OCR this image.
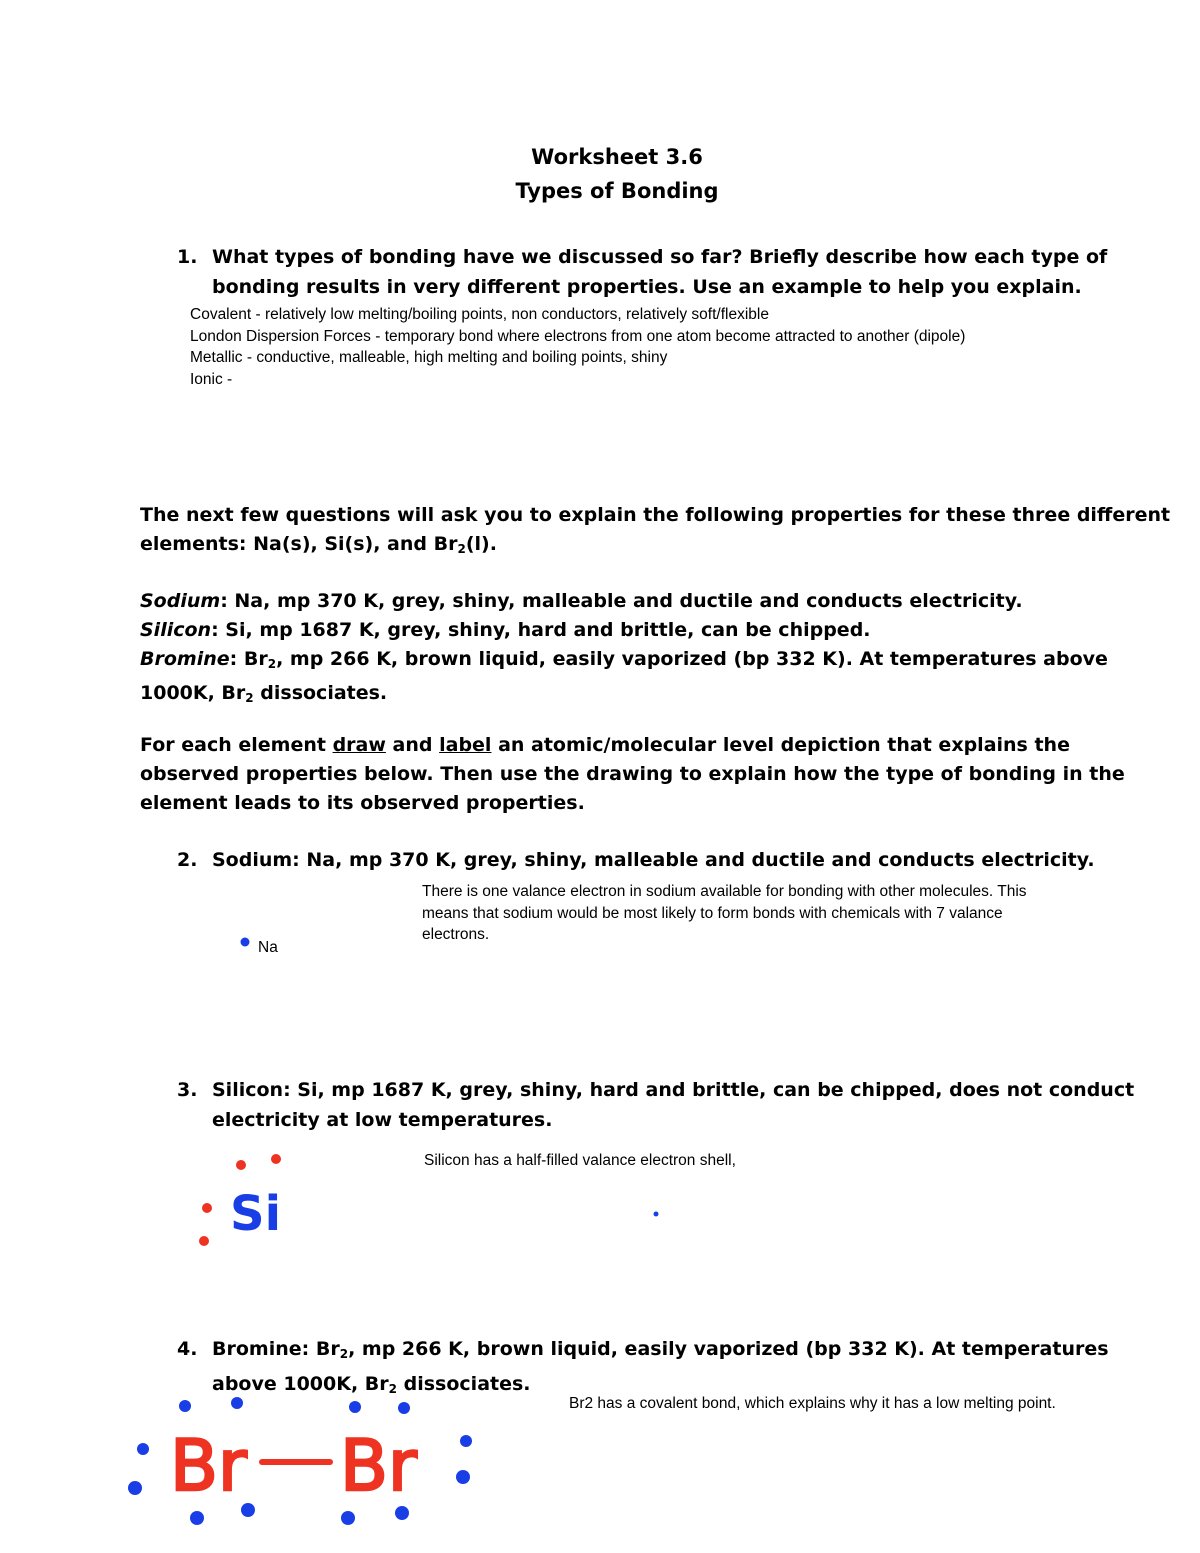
Worksheet 3.6
Types of Bonding
1. What types of bonding have we discussed so far? Briefly describe how each type of
bonding results in very different properties. Use an example to help you explain.
Covalent - relatively low melting/boiling points, non conductors, relatively soft/flexible
London Dispersion Forces - temporary bond where electrons from one atom become attracted to another (dipole)
Metallic - conductive, malleable, high melting and boiling points, shiny
Ionic -
The next few questions will ask you to explain the following properties for these three different
elements: Na(s), Si(s), and $Br_2(l)$.
Sodium: Na, mp 370 K, grey, shiny, malleable and ductile and conducts electricity.
Silicon: Si, mp 1687 K, grey, shiny, hard and brittle, can be chipped.
Bromine: $Br_2$, mp 266 K, brown liquid, easily vaporized (bp 332 K). At temperatures above
1000K, $Br_2$ dissociates.
For each element draw and label an atomic/molecular level depiction that explains the
observed properties below. Then use the drawing to explain how the type of bonding in the
element leads to its observed properties.
2. Sodium: Na, mp 370 K, grey, shiny, malleable and ductile and conducts electricity.
There is one valance electron in sodium available for bonding with other molecules. This
means that sodium would be most likely to form bonds with chemicals with 7 valance
electrons.
Na
3. Silicon: Si, mp 1687 K, grey, shiny, hard and brittle, can be chipped, does not conduct
electricity at low temperatures.
Silicon has a half-filled valance electron shell,
4. Bromine: $Br_2$, mp 266 K, brown liquid, easily vaporized (bp 332 K). At temperatures
above 1000K, $Br_2$ dissociates.
Br2 has a covalent bond, which explains why it has a low melting point.
Si
Br Br
